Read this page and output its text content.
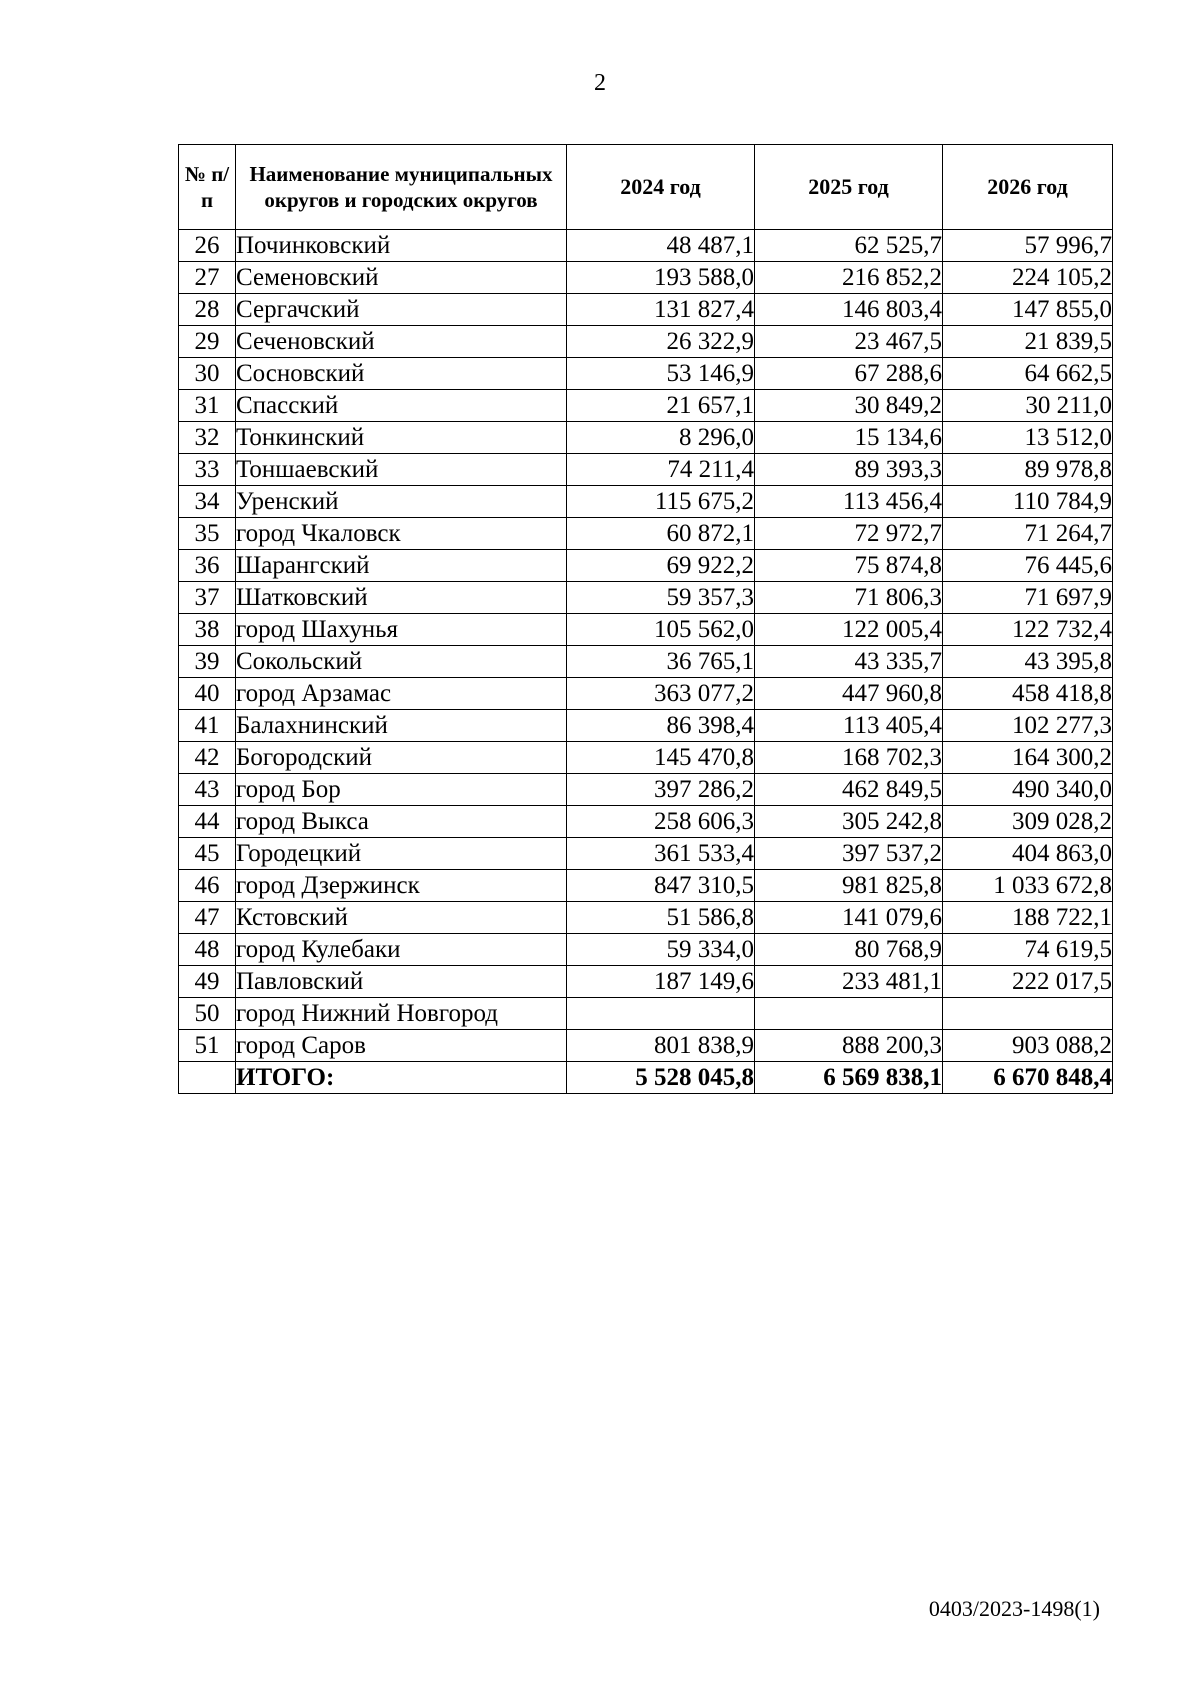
2
№ п/п	Наименование муниципальных округов и городских округов	2024 год	2025 год	2026 год
26	Починковский	48 487,1	62 525,7	57 996,7
27	Семеновский	193 588,0	216 852,2	224 105,2
28	Сергачский	131 827,4	146 803,4	147 855,0
29	Сеченовский	26 322,9	23 467,5	21 839,5
30	Сосновский	53 146,9	67 288,6	64 662,5
31	Спасский	21 657,1	30 849,2	30 211,0
32	Тонкинский	8 296,0	15 134,6	13 512,0
33	Тоншаевский	74 211,4	89 393,3	89 978,8
34	Уренский	115 675,2	113 456,4	110 784,9
35	город Чкаловск	60 872,1	72 972,7	71 264,7
36	Шарангский	69 922,2	75 874,8	76 445,6
37	Шатковский	59 357,3	71 806,3	71 697,9
38	город Шахунья	105 562,0	122 005,4	122 732,4
39	Сокольский	36 765,1	43 335,7	43 395,8
40	город Арзамас	363 077,2	447 960,8	458 418,8
41	Балахнинский	86 398,4	113 405,4	102 277,3
42	Богородский	145 470,8	168 702,3	164 300,2
43	город Бор	397 286,2	462 849,5	490 340,0
44	город Выкса	258 606,3	305 242,8	309 028,2
45	Городецкий	361 533,4	397 537,2	404 863,0
46	город Дзержинск	847 310,5	981 825,8	1 033 672,8
47	Кстовский	51 586,8	141 079,6	188 722,1
48	город Кулебаки	59 334,0	80 768,9	74 619,5
49	Павловский	187 149,6	233 481,1	222 017,5
50	город Нижний Новгород			
51	город Саров	801 838,9	888 200,3	903 088,2
	ИТОГО:	5 528 045,8	6 569 838,1	6 670 848,4
0403/2023-1498(1)
